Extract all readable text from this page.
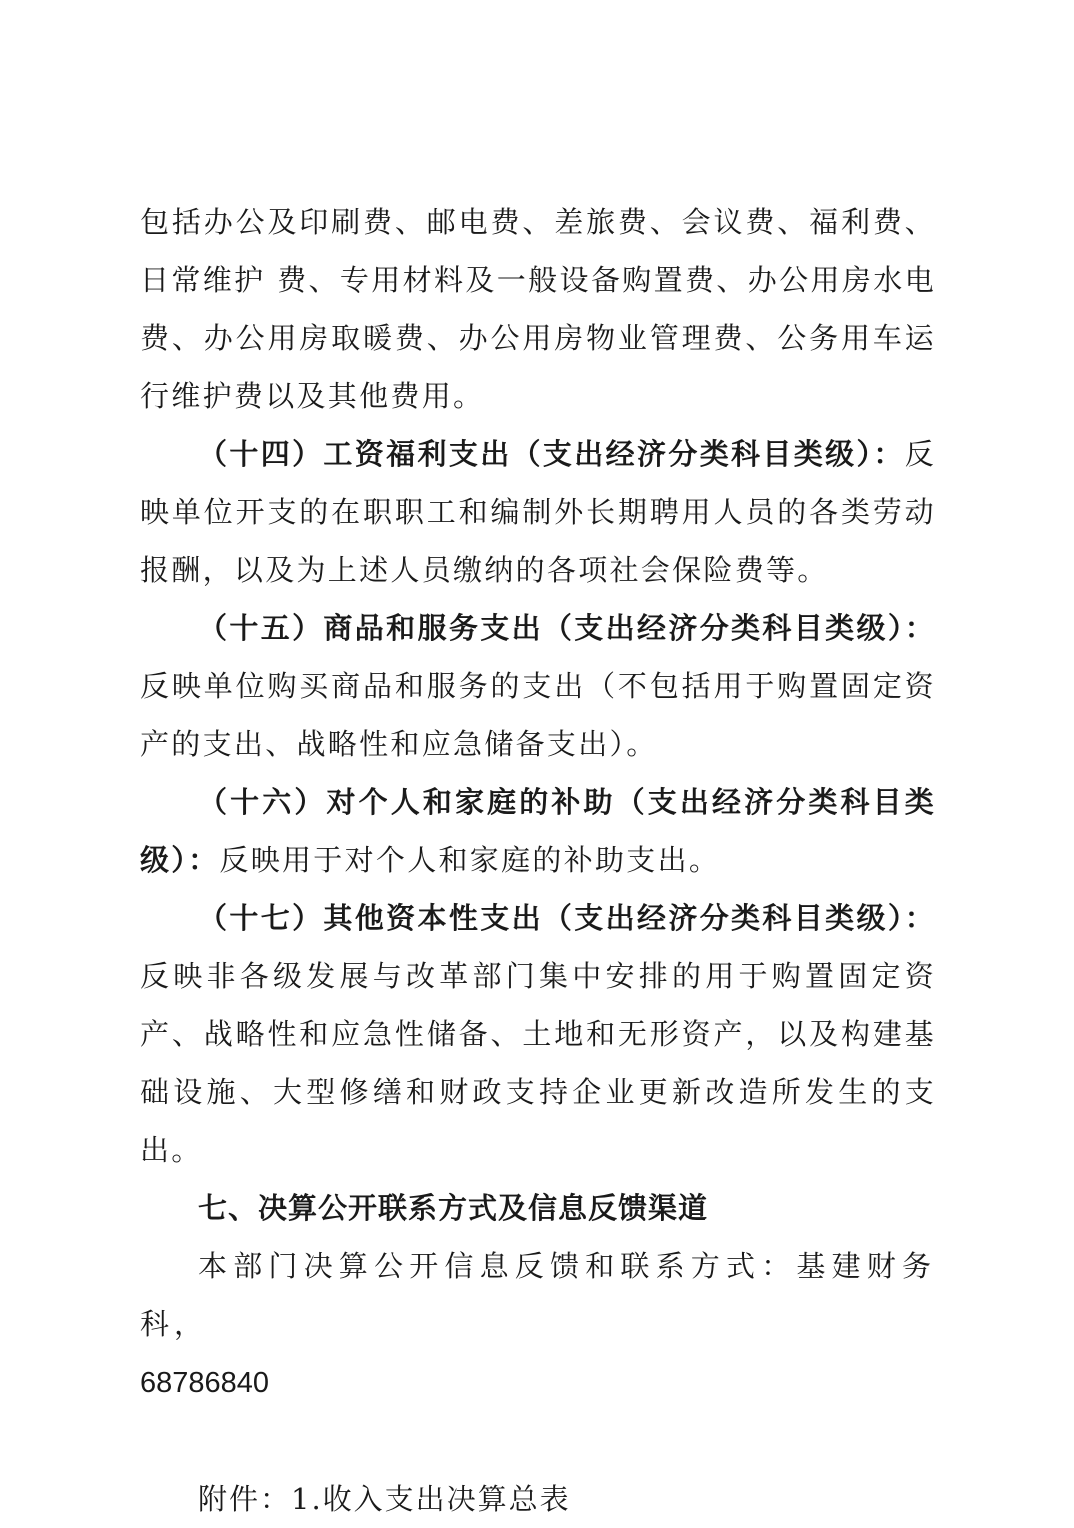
包括办公及印刷费、邮电费、差旅费、会议费、福利费、日常维护 费、专用材料及一般设备购置费、办公用房水电费、办公用房取暖费、办公用房物业管理费、公务用车运行维护费以及其他费用。

（十四）工资福利支出（支出经济分类科目类级）：反映单位开支的在职职工和编制外长期聘用人员的各类劳动报酬，以及为上述人员缴纳的各项社会保险费等。

（十五）商品和服务支出（支出经济分类科目类级）：反映单位购买商品和服务的支出（不包括用于购置固定资产的支出、战略性和应急储备支出）。

（十六）对个人和家庭的补助（支出经济分类科目类级）：反映用于对个人和家庭的补助支出。

（十七）其他资本性支出（支出经济分类科目类级）：反映非各级发展与改革部门集中安排的用于购置固定资产、战略性和应急性储备、土地和无形资产，以及构建基础设施、大型修缮和财政支持企业更新改造所发生的支出。

七、决算公开联系方式及信息反馈渠道

本部门决算公开信息反馈和联系方式：基建财务科，
68786840

附件：1.收入支出决算总表
